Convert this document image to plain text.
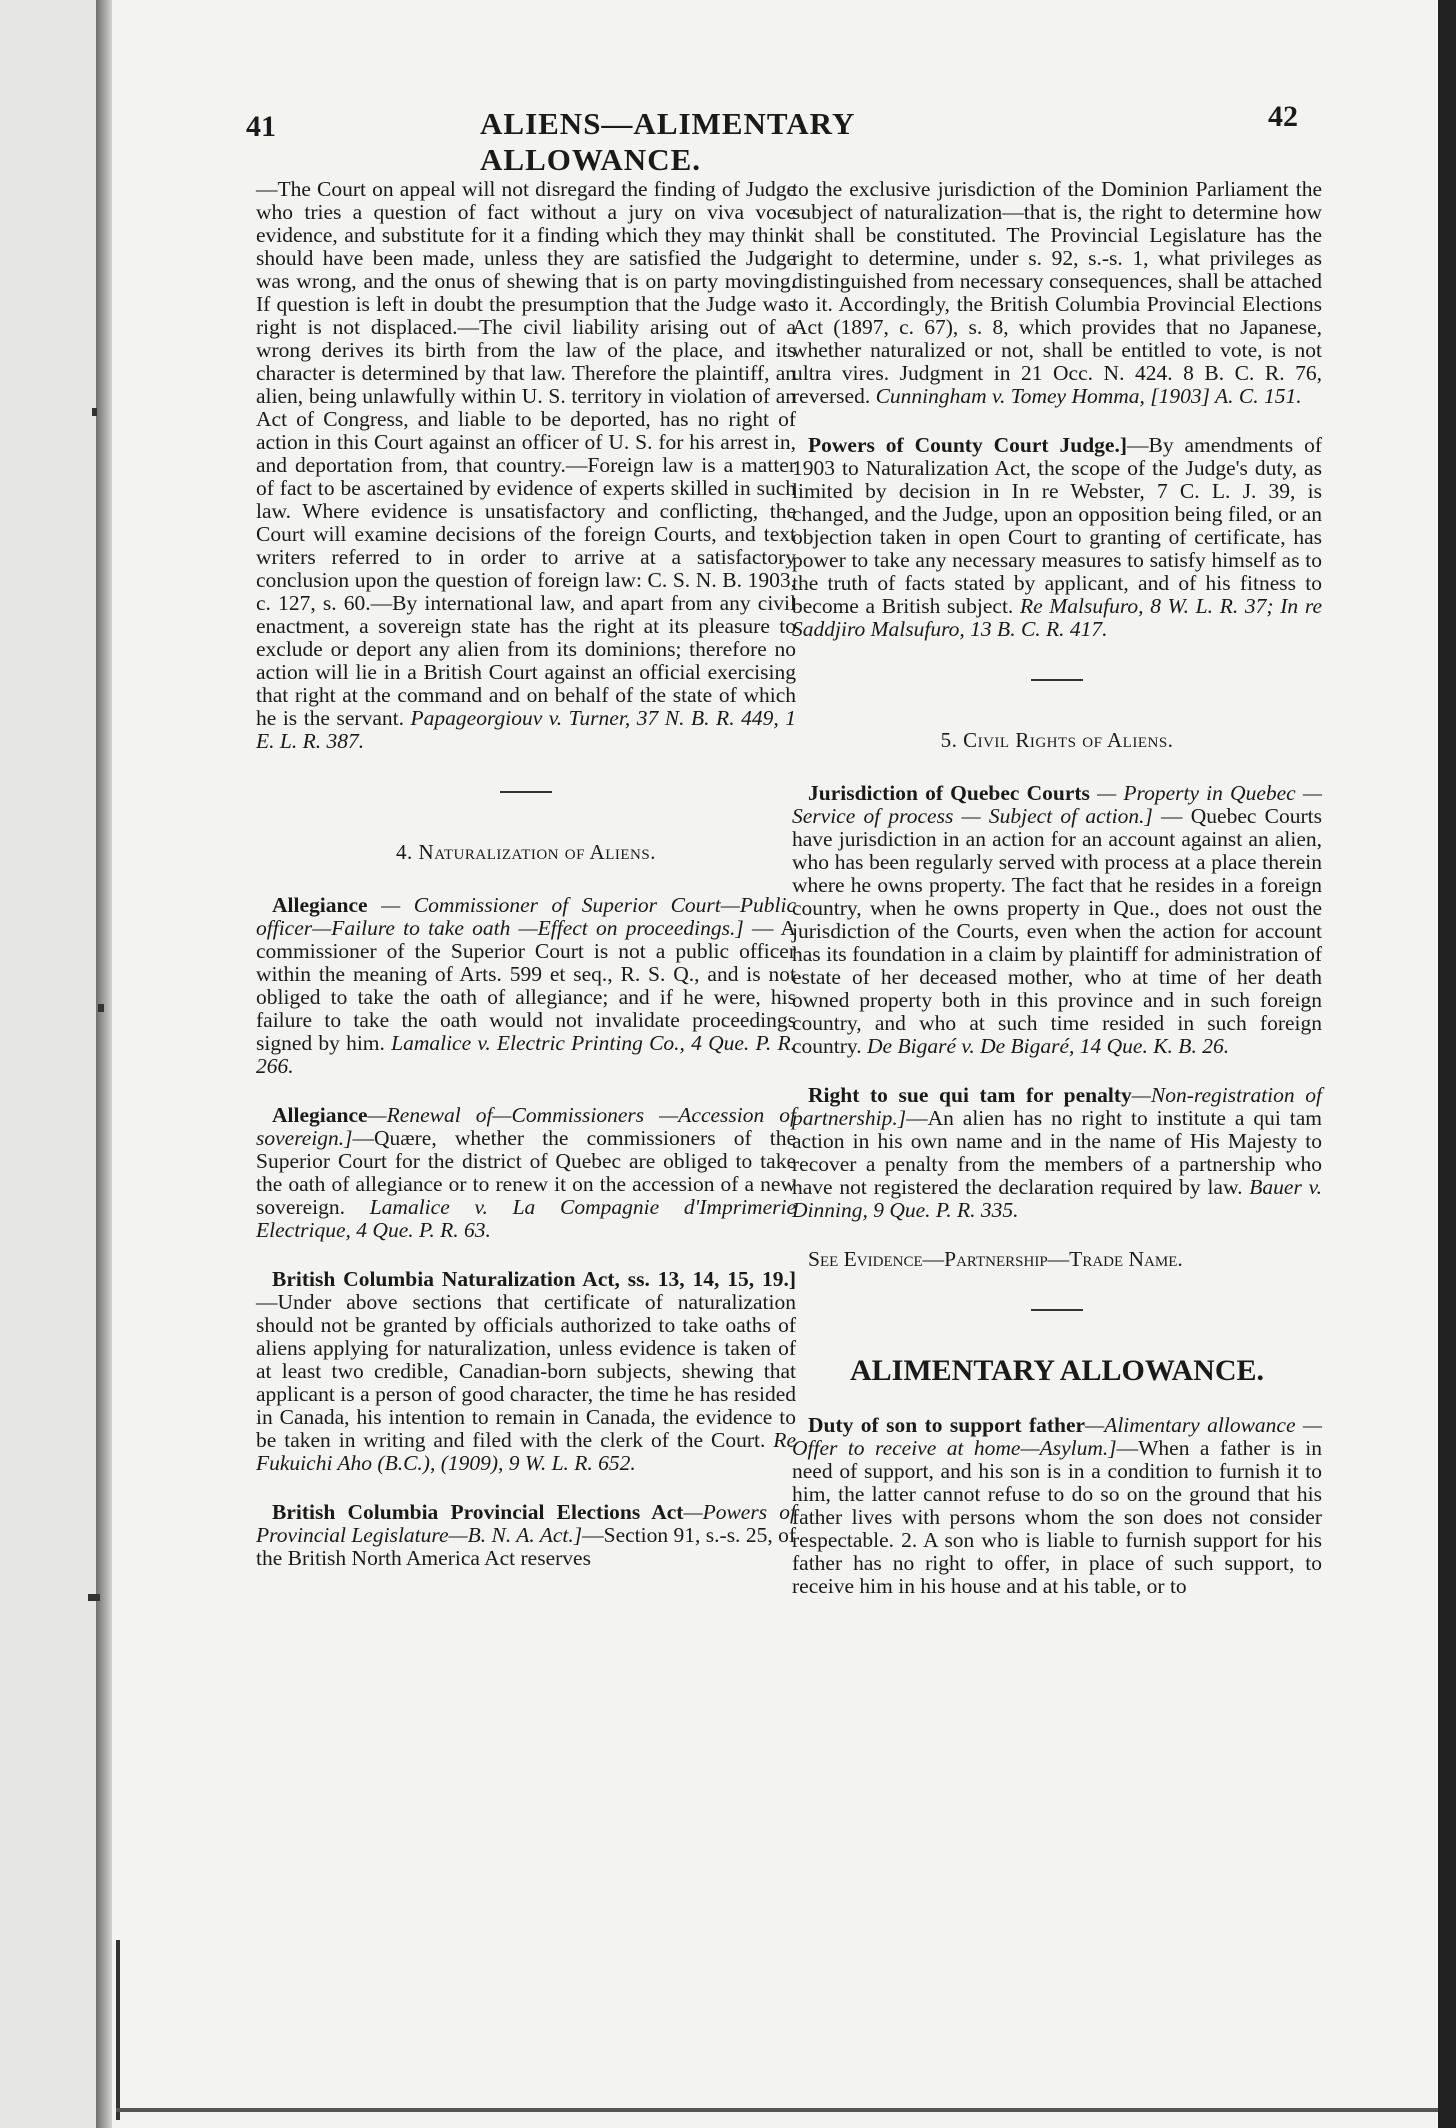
41	ALIENS—ALIMENTARY ALLOWANCE.
42

—The Court on appeal will not disregard the finding of Judge who tries a question of fact without a jury on viva voce evidence, and substitute for it a finding which they may think should have been made, unless they are satisfied the Judge was wrong, and the onus of shewing that is on party moving. If question is left in doubt the presumption that the Judge was right is not displaced.—The civil liability arising out of a wrong derives its birth from the law of the place, and its character is determined by that law. Therefore the plaintiff, an alien, being unlawfully within U. S. territory in violation of an Act of Congress, and liable to be deported, has no right of action in this Court against an officer of U. S. for his arrest in, and deportation from, that country.—Foreign law is a matter of fact to be ascertained by evidence of experts skilled in such law. Where evidence is unsatisfactory and conflicting, the Court will examine decisions of the foreign Courts, and text writers referred to in order to arrive at a satisfactory conclusion upon the question of foreign law: C. S. N. B. 1903, c. 127, s. 60.—By international law, and apart from any civil enactment, a sovereign state has the right at its pleasure to exclude or deport any alien from its dominions; therefore no action will lie in a British Court against an official exercising that right at the command and on behalf of the state of which he is the servant. Papageorgiouv v. Turner, 37 N. B. R. 449, 1 E. L. R. 387.

4. Naturalization of Aliens.

Allegiance — Commissioner of Superior Court—Public officer—Failure to take oath —Effect on proceedings.] — A commissioner of the Superior Court is not a public officer within the meaning of Arts. 599 et seq., R. S. Q., and is not obliged to take the oath of allegiance; and if he were, his failure to take the oath would not invalidate proceedings signed by him. Lamalice v. Electric Printing Co., 4 Que. P. R. 266.

Allegiance—Renewal of—Commissioners —Accession of sovereign.]—Quære, whether the commissioners of the Superior Court for the district of Quebec are obliged to take the oath of allegiance or to renew it on the accession of a new sovereign. Lamalice v. La Compagnie d'Imprimerie Electrique, 4 Que. P. R. 63.

British Columbia Naturalization Act, ss. 13, 14, 15, 19.]—Under above sections that certificate of naturalization should not be granted by officials authorized to take oaths of aliens applying for naturalization, unless evidence is taken of at least two credible, Canadian-born subjects, shewing that applicant is a person of good character, the time he has resided in Canada, his intention to remain in Canada, the evidence to be taken in writing and filed with the clerk of the Court. Re Fukuichi Aho (B.C.), (1909), 9 W. L. R. 652.

British Columbia Provincial Elections Act—Powers of Provincial Legislature—B. N. A. Act.]—Section 91, s.-s. 25, of the British North America Act reserves

to the exclusive jurisdiction of the Dominion Parliament the subject of naturalization—that is, the right to determine how it shall be constituted. The Provincial Legislature has the right to determine, under s. 92, s.-s. 1, what privileges as distinguished from necessary consequences, shall be attached to it. Accordingly, the British Columbia Provincial Elections Act (1897, c. 67), s. 8, which provides that no Japanese, whether naturalized or not, shall be entitled to vote, is not ultra vires. Judgment in 21 Occ. N. 424. 8 B. C. R. 76, reversed. Cunningham v. Tomey Homma, [1903] A. C. 151.

Powers of County Court Judge.]—By amendments of 1903 to Naturalization Act, the scope of the Judge's duty, as limited by decision in In re Webster, 7 C. L. J. 39, is changed, and the Judge, upon an opposition being filed, or an objection taken in open Court to granting of certificate, has power to take any necessary measures to satisfy himself as to the truth of facts stated by applicant, and of his fitness to become a British subject. Re Malsufuro, 8 W. L. R. 37; In re Saddjiro Malsufuro, 13 B. C. R. 417.

5. Civil Rights of Aliens.

Jurisdiction of Quebec Courts — Property in Quebec — Service of process — Subject of action.] — Quebec Courts have jurisdiction in an action for an account against an alien, who has been regularly served with process at a place therein where he owns property. The fact that he resides in a foreign country, when he owns property in Que., does not oust the jurisdiction of the Courts, even when the action for account has its foundation in a claim by plaintiff for administration of estate of her deceased mother, who at time of her death owned property both in this province and in such foreign country, and who at such time resided in such foreign country. De Bigaré v. De Bigaré, 14 Que. K. B. 26.

Right to sue qui tam for penalty—Non-registration of partnership.]—An alien has no right to institute a qui tam action in his own name and in the name of His Majesty to recover a penalty from the members of a partnership who have not registered the declaration required by law. Bauer v. Dinning, 9 Que. P. R. 335.

See Evidence—Partnership—Trade Name.

ALIMENTARY ALLOWANCE.

Duty of son to support father—Alimentary allowance — Offer to receive at home—Asylum.]—When a father is in need of support, and his son is in a condition to furnish it to him, the latter cannot refuse to do so on the ground that his father lives with persons whom the son does not consider respectable. 2. A son who is liable to furnish support for his father has no right to offer, in place of such support, to receive him in his house and at his table, or to
